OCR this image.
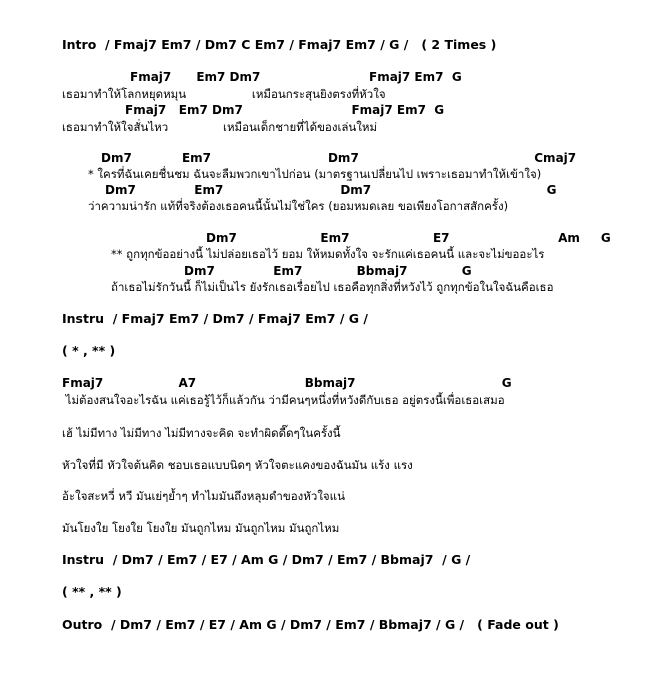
Intro  / Fmaj7 Em7 / Dm7 C Em7 / Fmaj7 Em7 / G /   ( 2 Times )
Fmaj7      Em7 Dm7                          Fmaj7 Em7  G
เธอมาทำให้โลกหยุดหมุน                  เหมือนกระสุนยิงตรงที่หัวใจ
Fmaj7   Em7 Dm7                          Fmaj7 Em7  G
เธอมาทำให้ใจสั่นไหว               เหมือนเด็กชายที่ได้ของเล่นใหม่
Dm7            Em7                            Dm7                                          Cmaj7
* ใครที่ฉันเคยชื่นชม ฉันจะลืมพวกเขาไปก่อน (มาตรฐานเปลี่ยนไป เพราะเธอมาทำให้เข้าใจ)
Dm7              Em7                            Dm7                                          G
ว่าความน่ารัก แท้ที่จริงต้องเธอคนนี้นั้นไม่ใช่ใคร (ยอมหมดเลย ขอเพียงโอกาสสักครั้ง)
Dm7                    Em7                    E7                          Am     G
** ถูกทุกข้ออย่างนี้ ไม่ปล่อยเธอไว้ ยอม ให้หมดทั้งใจ จะรักแค่เธอคนนี้ และจะไม่ขออะไร
Dm7              Em7             Bbmaj7             G
ถ้าเธอไม่รักวันนี้ ก็ไม่เป็นไร ยังรักเธอเรื่อยไป เธอคือทุกสิ่งที่หวังไว้ ถูกทุกข้อในใจฉันคือเธอ
Instru  / Fmaj7 Em7 / Dm7 / Fmaj7 Em7 / G /
( * , ** )
Fmaj7                  A7                          Bbmaj7                                   G
ไม่ต้องสนใจอะไรฉัน แค่เธอรู้ไว้ก็แล้วกัน ว่ามีคนๆหนึ่งที่หวังดีกับเธอ อยู่ตรงนี้เพื่อเธอเสมอ
เฮ้ ไม่มีทาง ไม่มีทาง ไม่มีทางจะคิด จะทำผิดดี๊ดๆในครั้งนี้
หัวใจที่มี หัวใจต้นคิด ชอบเธอแบบนิดๆ หัวใจตะแคงของฉันมัน แร้ง แรง
อ้ะใจสะหวี่ หวี มันเย่ๆย้ำๆ ทำไมมันถึงหลุมดำของหัวใจแน่
มันโยงใย โยงใย โยงใย มันถูกไหม มันถูกไหม มันถูกไหม
Instru  / Dm7 / Em7 / E7 / Am G / Dm7 / Em7 / Bbmaj7  / G /
( ** , ** )
Outro  / Dm7 / Em7 / E7 / Am G / Dm7 / Em7 / Bbmaj7 / G /   ( Fade out )
